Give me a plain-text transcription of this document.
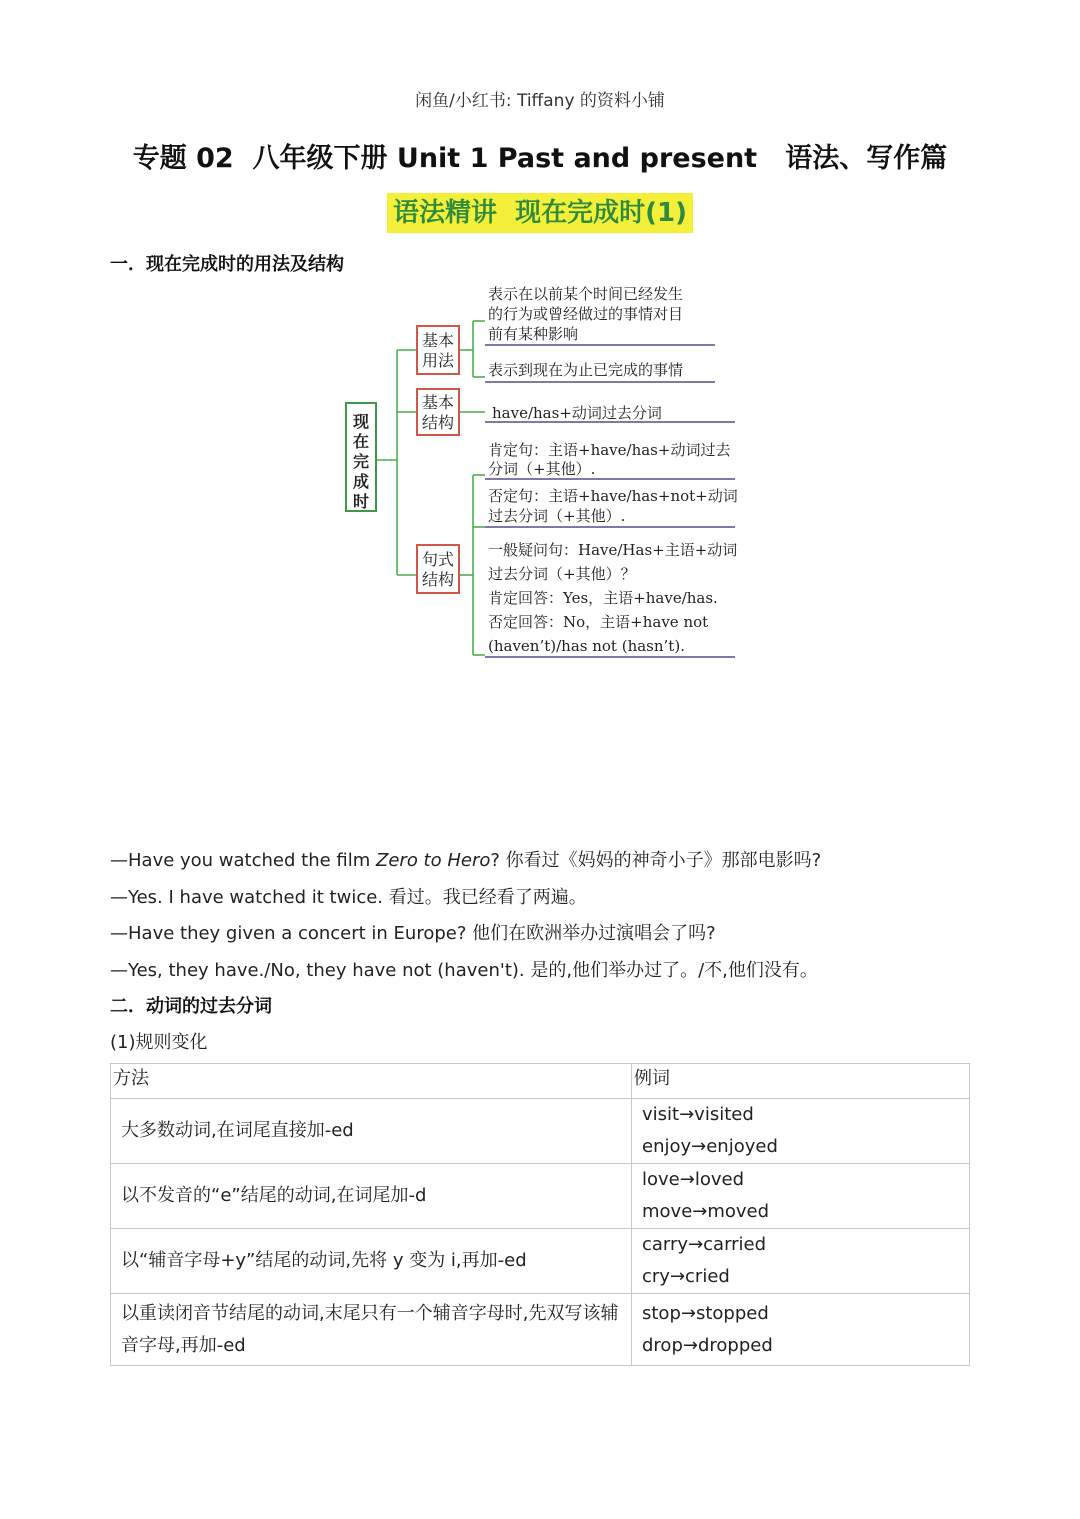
闲鱼/小红书: Tiffany 的资料小铺
专题 02  八年级下册 Unit 1 Past and present   语法、写作篇
语法精讲  现在完成时(1)
一．现在完成时的用法及结构
现
在
完
成
时
基本
用法
基本
结构
句式
结构
表示在以前某个时间已经发生
的行为或曾经做过的事情对目
前有某种影响
表示到现在为止已完成的事情
have/has+动词过去分词
肯定句：主语+have/has+动词过去
分词（+其他）.
否定句：主语+have/has+not+动词
过去分词（+其他）.
一般疑问句：Have/Has+主语+动词
过去分词（+其他）？
肯定回答：Yes，主语+have/has.
否定回答：No，主语+have not
(haven’t)/has not (hasn’t).
—Have you watched the film Zero to Hero? 你看过《妈妈的神奇小子》那部电影吗?
—Yes. I have watched it twice. 看过。我已经看了两遍。
—Have they given a concert in Europe? 他们在欧洲举办过演唱会了吗?
—Yes, they have./No, they have not (haven't). 是的,他们举办过了。/不,他们没有。
二．动词的过去分词
(1)规则变化
方法	例词
大多数动词,在词尾直接加-ed	visit→visited
enjoy→enjoyed

以不发音的“e”结尾的动词,在词尾加-d	love→loved
move→moved

以“辅音字母+y”结尾的动词,先将 y 变为 i,再加-ed	carry→carried
cry→cried

以重读闭音节结尾的动词,末尾只有一个辅音字母时,先双写该辅音字母,再加-ed	stop→stopped
drop→dropped
